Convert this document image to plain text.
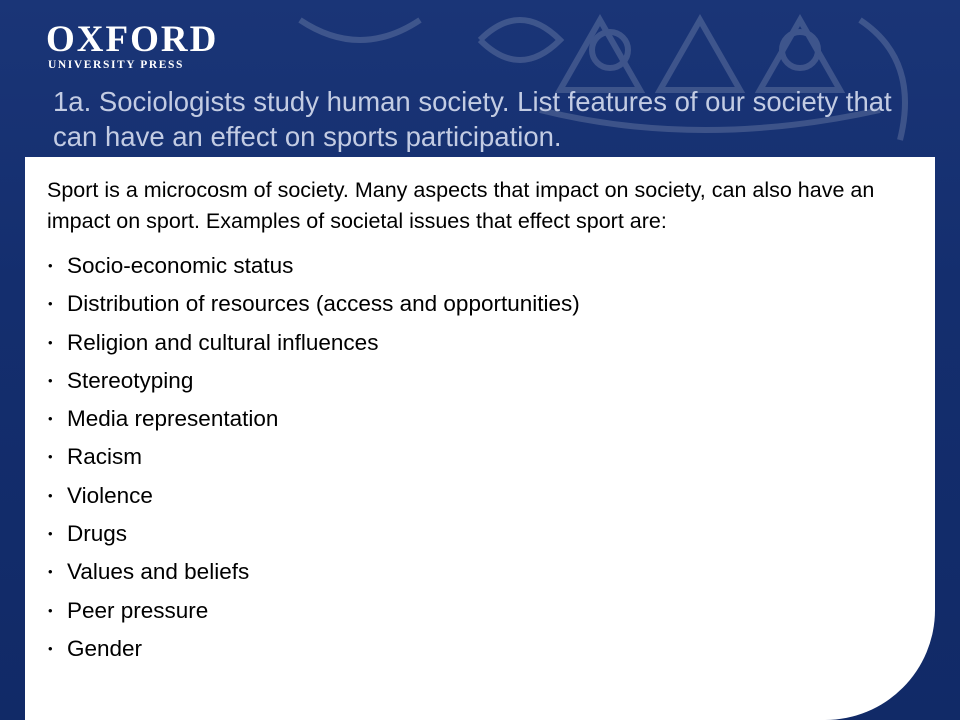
OXFORD
UNIVERSITY PRESS
1a. Sociologists study human society. List features of our society that can have an effect on sports participation.

Sport is a microcosm of society. Many aspects that impact on society, can also have an impact on sport. Examples of societal issues that effect sport are:

• Socio-economic status
• Distribution of resources (access and opportunities)
• Religion and cultural influences
• Stereotyping
• Media representation
• Racism
• Violence
• Drugs
• Values and beliefs
• Peer pressure
• Gender
